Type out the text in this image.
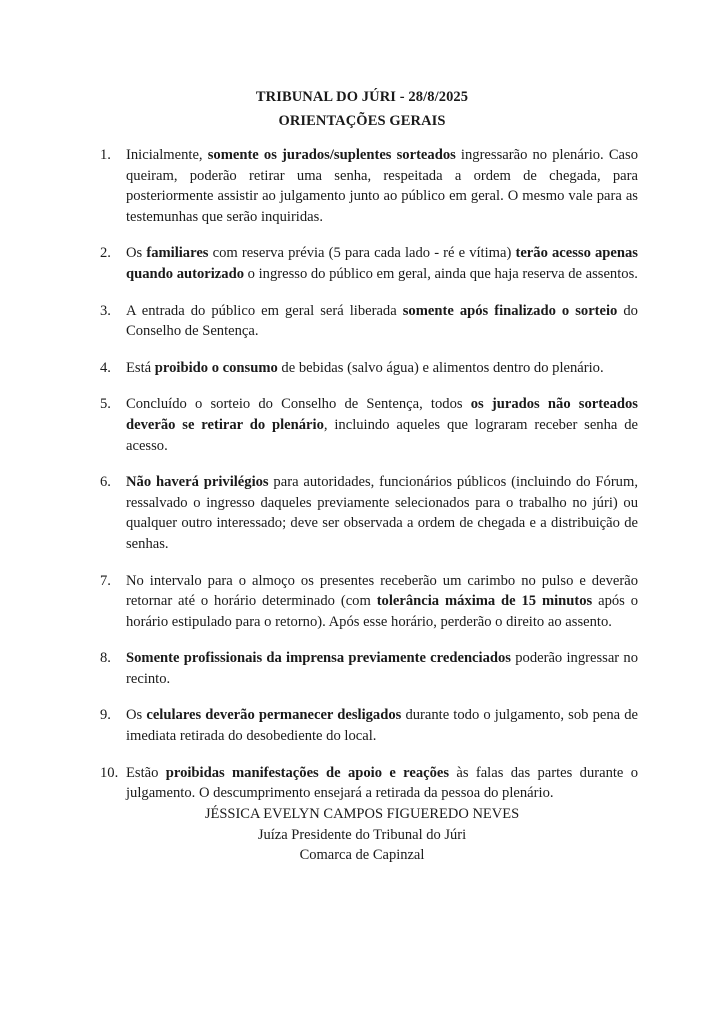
TRIBUNAL DO JÚRI - 28/8/2025
ORIENTAÇÕES GERAIS
1.	Inicialmente, somente os jurados/suplentes sorteados ingressarão no plenário. Caso queiram, poderão retirar uma senha, respeitada a ordem de chegada, para posteriormente assistir ao julgamento junto ao público em geral. O mesmo vale para as testemunhas que serão inquiridas.
2.	Os familiares com reserva prévia (5 para cada lado - ré e vítima) terão acesso apenas quando autorizado o ingresso do público em geral, ainda que haja reserva de assentos.
3.	A entrada do público em geral será liberada somente após finalizado o sorteio do Conselho de Sentença.
4.	Está proibido o consumo de bebidas (salvo água) e alimentos dentro do plenário.
5.	Concluído o sorteio do Conselho de Sentença, todos os jurados não sorteados deverão se retirar do plenário, incluindo aqueles que lograram receber senha de acesso.
6.	Não haverá privilégios para autoridades, funcionários públicos (incluindo do Fórum, ressalvado o ingresso daqueles previamente selecionados para o trabalho no júri) ou qualquer outro interessado; deve ser observada a ordem de chegada e a distribuição de senhas.
7.	No intervalo para o almoço os presentes receberão um carimbo no pulso e deverão retornar até o horário determinado (com tolerância máxima de 15 minutos após o horário estipulado para o retorno). Após esse horário, perderão o direito ao assento.
8.	Somente profissionais da imprensa previamente credenciados poderão ingressar no recinto.
9.	Os celulares deverão permanecer desligados durante todo o julgamento, sob pena de imediata retirada do desobediente do local.
10. Estão proibidas manifestações de apoio e reações às falas das partes durante o julgamento. O descumprimento ensejará a retirada da pessoa do plenário.
JÉSSICA EVELYN CAMPOS FIGUEREDO NEVES
Juíza Presidente do Tribunal do Júri
Comarca de Capinzal
